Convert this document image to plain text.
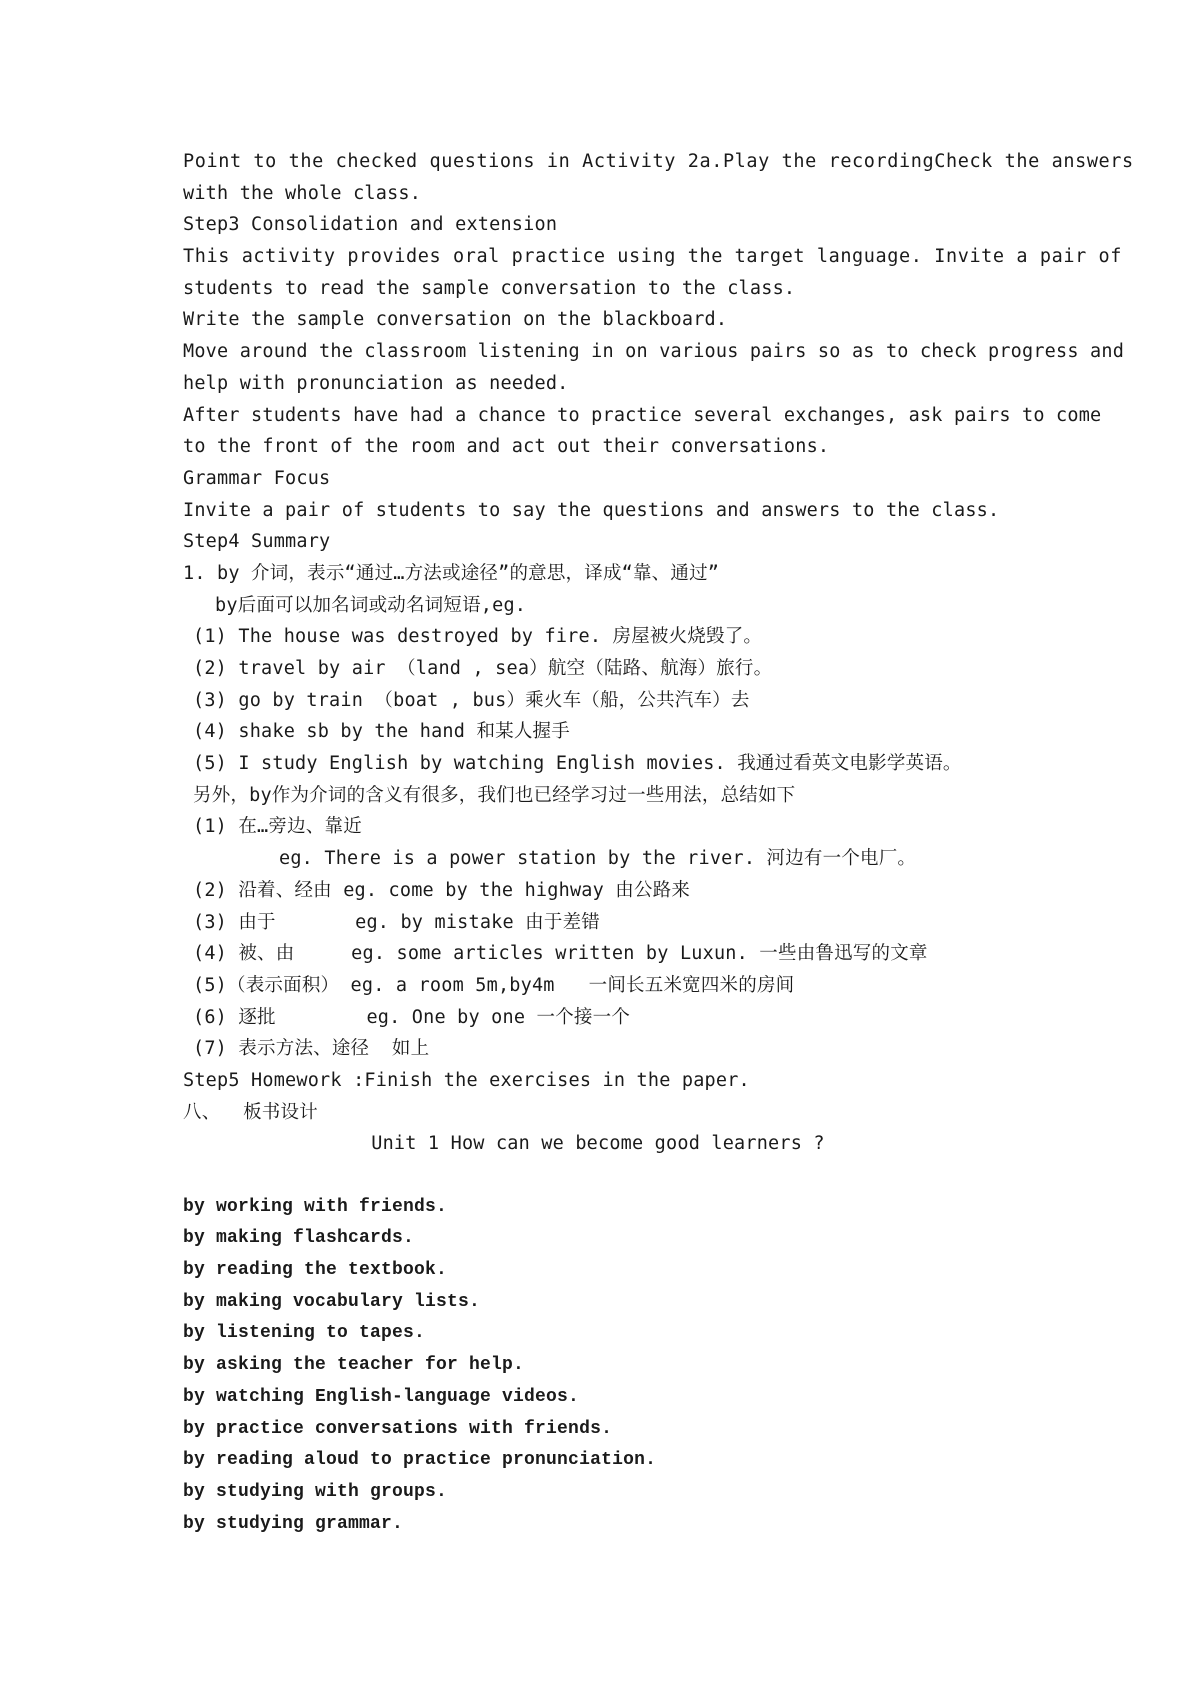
Point to the checked questions in Activity 2a.Play the recordingCheck the answers
with the whole class.
Step3 Consolidation and extension
This activity provides oral practice using the target language. Invite a pair of
students to read the sample conversation to the class.
Write the sample conversation on the blackboard.
Move around the classroom listening in on various pairs so as to check progress and
help with pronunciation as needed.
After students have had a chance to practice several exchanges, ask pairs to come
to the front of the room and act out their conversations.
Grammar Focus
Invite a pair of students to say the questions and answers to the class.
Step4 Summary
1. by 介词，表示“通过…方法或途径”的意思，译成“靠、通过”
by后面可以加名词或动名词短语,eg.
(1) The house was destroyed by fire. 房屋被火烧毁了。
(2) travel by air （land , sea）航空（陆路、航海）旅行。
(3) go by train （boat , bus）乘火车（船，公共汽车）去
(4) shake sb by the hand 和某人握手
(5) I study English by watching English movies. 我通过看英文电影学英语。
另外，by作为介词的含义有很多，我们也已经学习过一些用法，总结如下
(1) 在…旁边、靠近
eg. There is a power station by the river. 河边有一个电厂。
(2) 沿着、经由 eg. come by the highway 由公路来
(3) 由于       eg. by mistake 由于差错
(4) 被、由     eg. some articles written by Luxun. 一些由鲁迅写的文章
(5)（表示面积） eg. a room 5m,by4m   一间长五米宽四米的房间
(6) 逐批        eg. One by one 一个接一个
(7) 表示方法、途径  如上
Step5 Homework :Finish the exercises in the paper.
八、  板书设计
Unit 1 How can we become good learners ?
by working with friends.
by making flashcards.
by reading the textbook.
by making vocabulary lists.
by listening to tapes.
by asking the teacher for help.
by watching English-language videos.
by practice conversations with friends.
by reading aloud to practice pronunciation.
by studying with groups.
by studying grammar.
